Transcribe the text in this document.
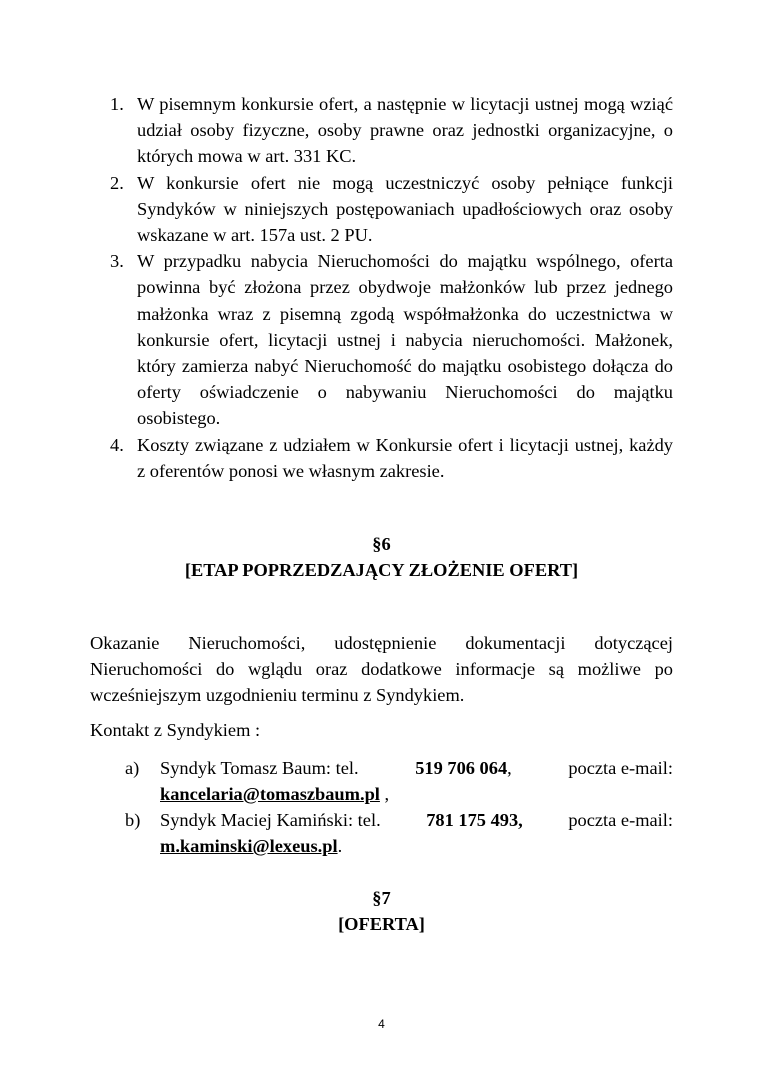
1. W pisemnym konkursie ofert, a następnie w licytacji ustnej mogą wziąć udział osoby fizyczne, osoby prawne oraz jednostki organizacyjne, o których mowa w art. 331 KC.
2. W konkursie ofert nie mogą uczestniczyć osoby pełniące funkcji Syndyków w niniejszych postępowaniach upadłościowych oraz osoby wskazane w art. 157a ust. 2 PU.
3. W przypadku nabycia Nieruchomości do majątku wspólnego, oferta powinna być złożona przez obydwoje małżonków lub przez jednego małżonka wraz z pisemną zgodą współmałżonka do uczestnictwa w konkursie ofert, licytacji ustnej i nabycia nieruchomości. Małżonek, który zamierza nabyć Nieruchomość do majątku osobistego dołącza do oferty oświadczenie o nabywaniu Nieruchomości do majątku osobistego.
4. Koszty związane z udziałem w Konkursie ofert i licytacji ustnej, każdy z oferentów ponosi we własnym zakresie.
§6
[ETAP POPRZEDZAJĄCY ZŁOŻENIE OFERT]

Okazanie Nieruchomości, udostępnienie dokumentacji dotyczącej Nieruchomości do wglądu oraz dodatkowe informacje są możliwe po wcześniejszym uzgodnieniu terminu z Syndykiem.

Kontakt z Syndykiem :

a) Syndyk Tomasz Baum: tel.	519 706 064,	poczta e-mail:
kancelaria@tomaszbaum.pl ,
b) Syndyk Maciej Kamiński: tel. 781 175 493, poczta e-mail:
m.kaminski@lexeus.pl.
§7
[OFERTA]
4
